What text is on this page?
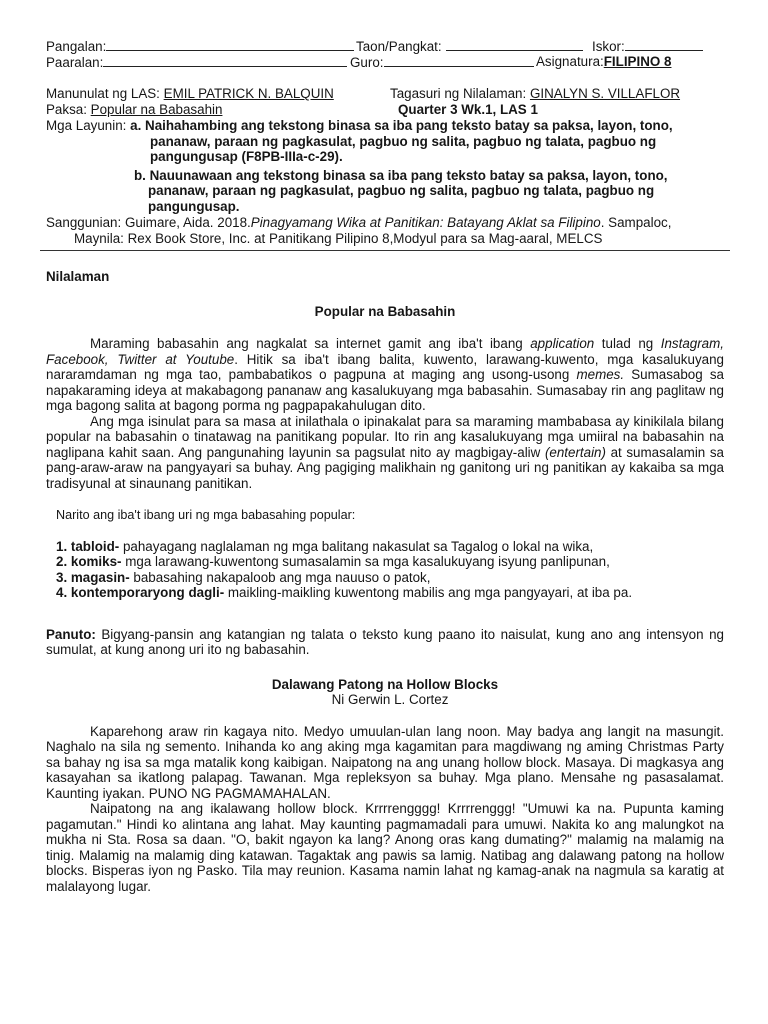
Pangalan:	Taon/Pangkat:	Iskor:
Paaralan:	Guro:	Asignatura:FILIPINO 8
Manunulat ng LAS: EMIL PATRICK N. BALQUIN	Tagasuri ng Nilalaman: GINALYN S. VILLAFLOR
Paksa: Popular na Babasahin	Quarter 3 Wk.1, LAS 1
Mga Layunin: a. Naihahambing ang tekstong binasa sa iba pang teksto batay sa paksa, layon, tono,
pananaw, paraan ng pagkasulat, pagbuo ng salita, pagbuo ng talata, pagbuo ng
pangungusap (F8PB-IIIa-c-29).
b. Nauunawaan ang tekstong binasa sa iba pang teksto batay sa paksa, layon, tono,
pananaw, paraan ng pagkasulat, pagbuo ng salita, pagbuo ng talata, pagbuo ng
pangungusap.
Sanggunian: Guimare, Aida. 2018.Pinagyamang Wika at Panitikan: Batayang Aklat sa Filipino. Sampaloc,
Maynila: Rex Book Store, Inc. at Panitikang Pilipino 8,Modyul para sa Mag-aaral, MELCS
Nilalaman
Popular na Babasahin

Maraming babasahin ang nagkalat sa internet gamit ang iba't ibang application tulad ng Instagram, Facebook, Twitter at Youtube. Hitik sa iba't ibang balita, kuwento, larawang-kuwento, mga kasalukuyang nararamdaman ng mga tao, pambabatikos o pagpuna at maging ang usong-usong memes. Sumasabog sa napakaraming ideya at makabagong pananaw ang kasalukuyang mga babasahin. Sumasabay rin ang paglitaw ng mga bagong salita at bagong porma ng pagpapakahulugan dito.

Ang mga isinulat para sa masa at inilathala o ipinakalat para sa maraming mambabasa ay kinikilala bilang popular na babasahin o tinatawag na panitikang popular. Ito rin ang kasalukuyang mga umiiral na babasahin na naglipana kahit saan. Ang pangunahing layunin sa pagsulat nito ay magbigay-aliw (entertain) at sumasalamin sa pang-araw-araw na pangyayari sa buhay. Ang pagiging malikhain ng ganitong uri ng panitikan ay kakaiba sa mga tradisyunal at sinaunang panitikan.

Narito ang iba't ibang uri ng mga babasahing popular:
1. tabloid- pahayagang naglalaman ng mga balitang nakasulat sa Tagalog o lokal na wika,
2. komiks- mga larawang-kuwentong sumasalamin sa mga kasalukuyang isyung panlipunan,
3. magasin- babasahing nakapaloob ang mga nauuso o patok,
4. kontemporaryong dagli- maikling-maikling kuwentong mabilis ang mga pangyayari, at iba pa.

Panuto: Bigyang-pansin ang katangian ng talata o teksto kung paano ito naisulat, kung ano ang intensyon ng sumulat, at kung anong uri ito ng babasahin.

Dalawang Patong na Hollow Blocks
Ni Gerwin L. Cortez

Kaparehong araw rin kagaya nito. Medyo umuulan-ulan lang noon. May badya ang langit na masungit. Naghalo na sila ng semento. Inihanda ko ang aking mga kagamitan para magdiwang ng aming Christmas Party sa bahay ng isa sa mga matalik kong kaibigan. Naipatong na ang unang hollow block. Masaya. Di magkasya ang kasayahan sa ikatlong palapag. Tawanan. Mga repleksyon sa buhay. Mga plano. Mensahe ng pasasalamat. Kaunting iyakan. PUNO NG PAGMAMAHALAN.

Naipatong na ang ikalawang hollow block. Krrrrengggg! Krrrrenggg! "Umuwi ka na. Pupunta kaming pagamutan." Hindi ko alintana ang lahat. May kaunting pagmamadali para umuwi. Nakita ko ang malungkot na mukha ni Sta. Rosa sa daan. "O, bakit ngayon ka lang? Anong oras kang dumating?" malamig na malamig na tinig. Malamig na malamig ding katawan. Tagaktak ang pawis sa lamig. Natibag ang dalawang patong na hollow blocks. Bisperas iyon ng Pasko. Tila may reunion. Kasama namin lahat ng kamag-anak na nagmula sa karatig at malalayong lugar.
